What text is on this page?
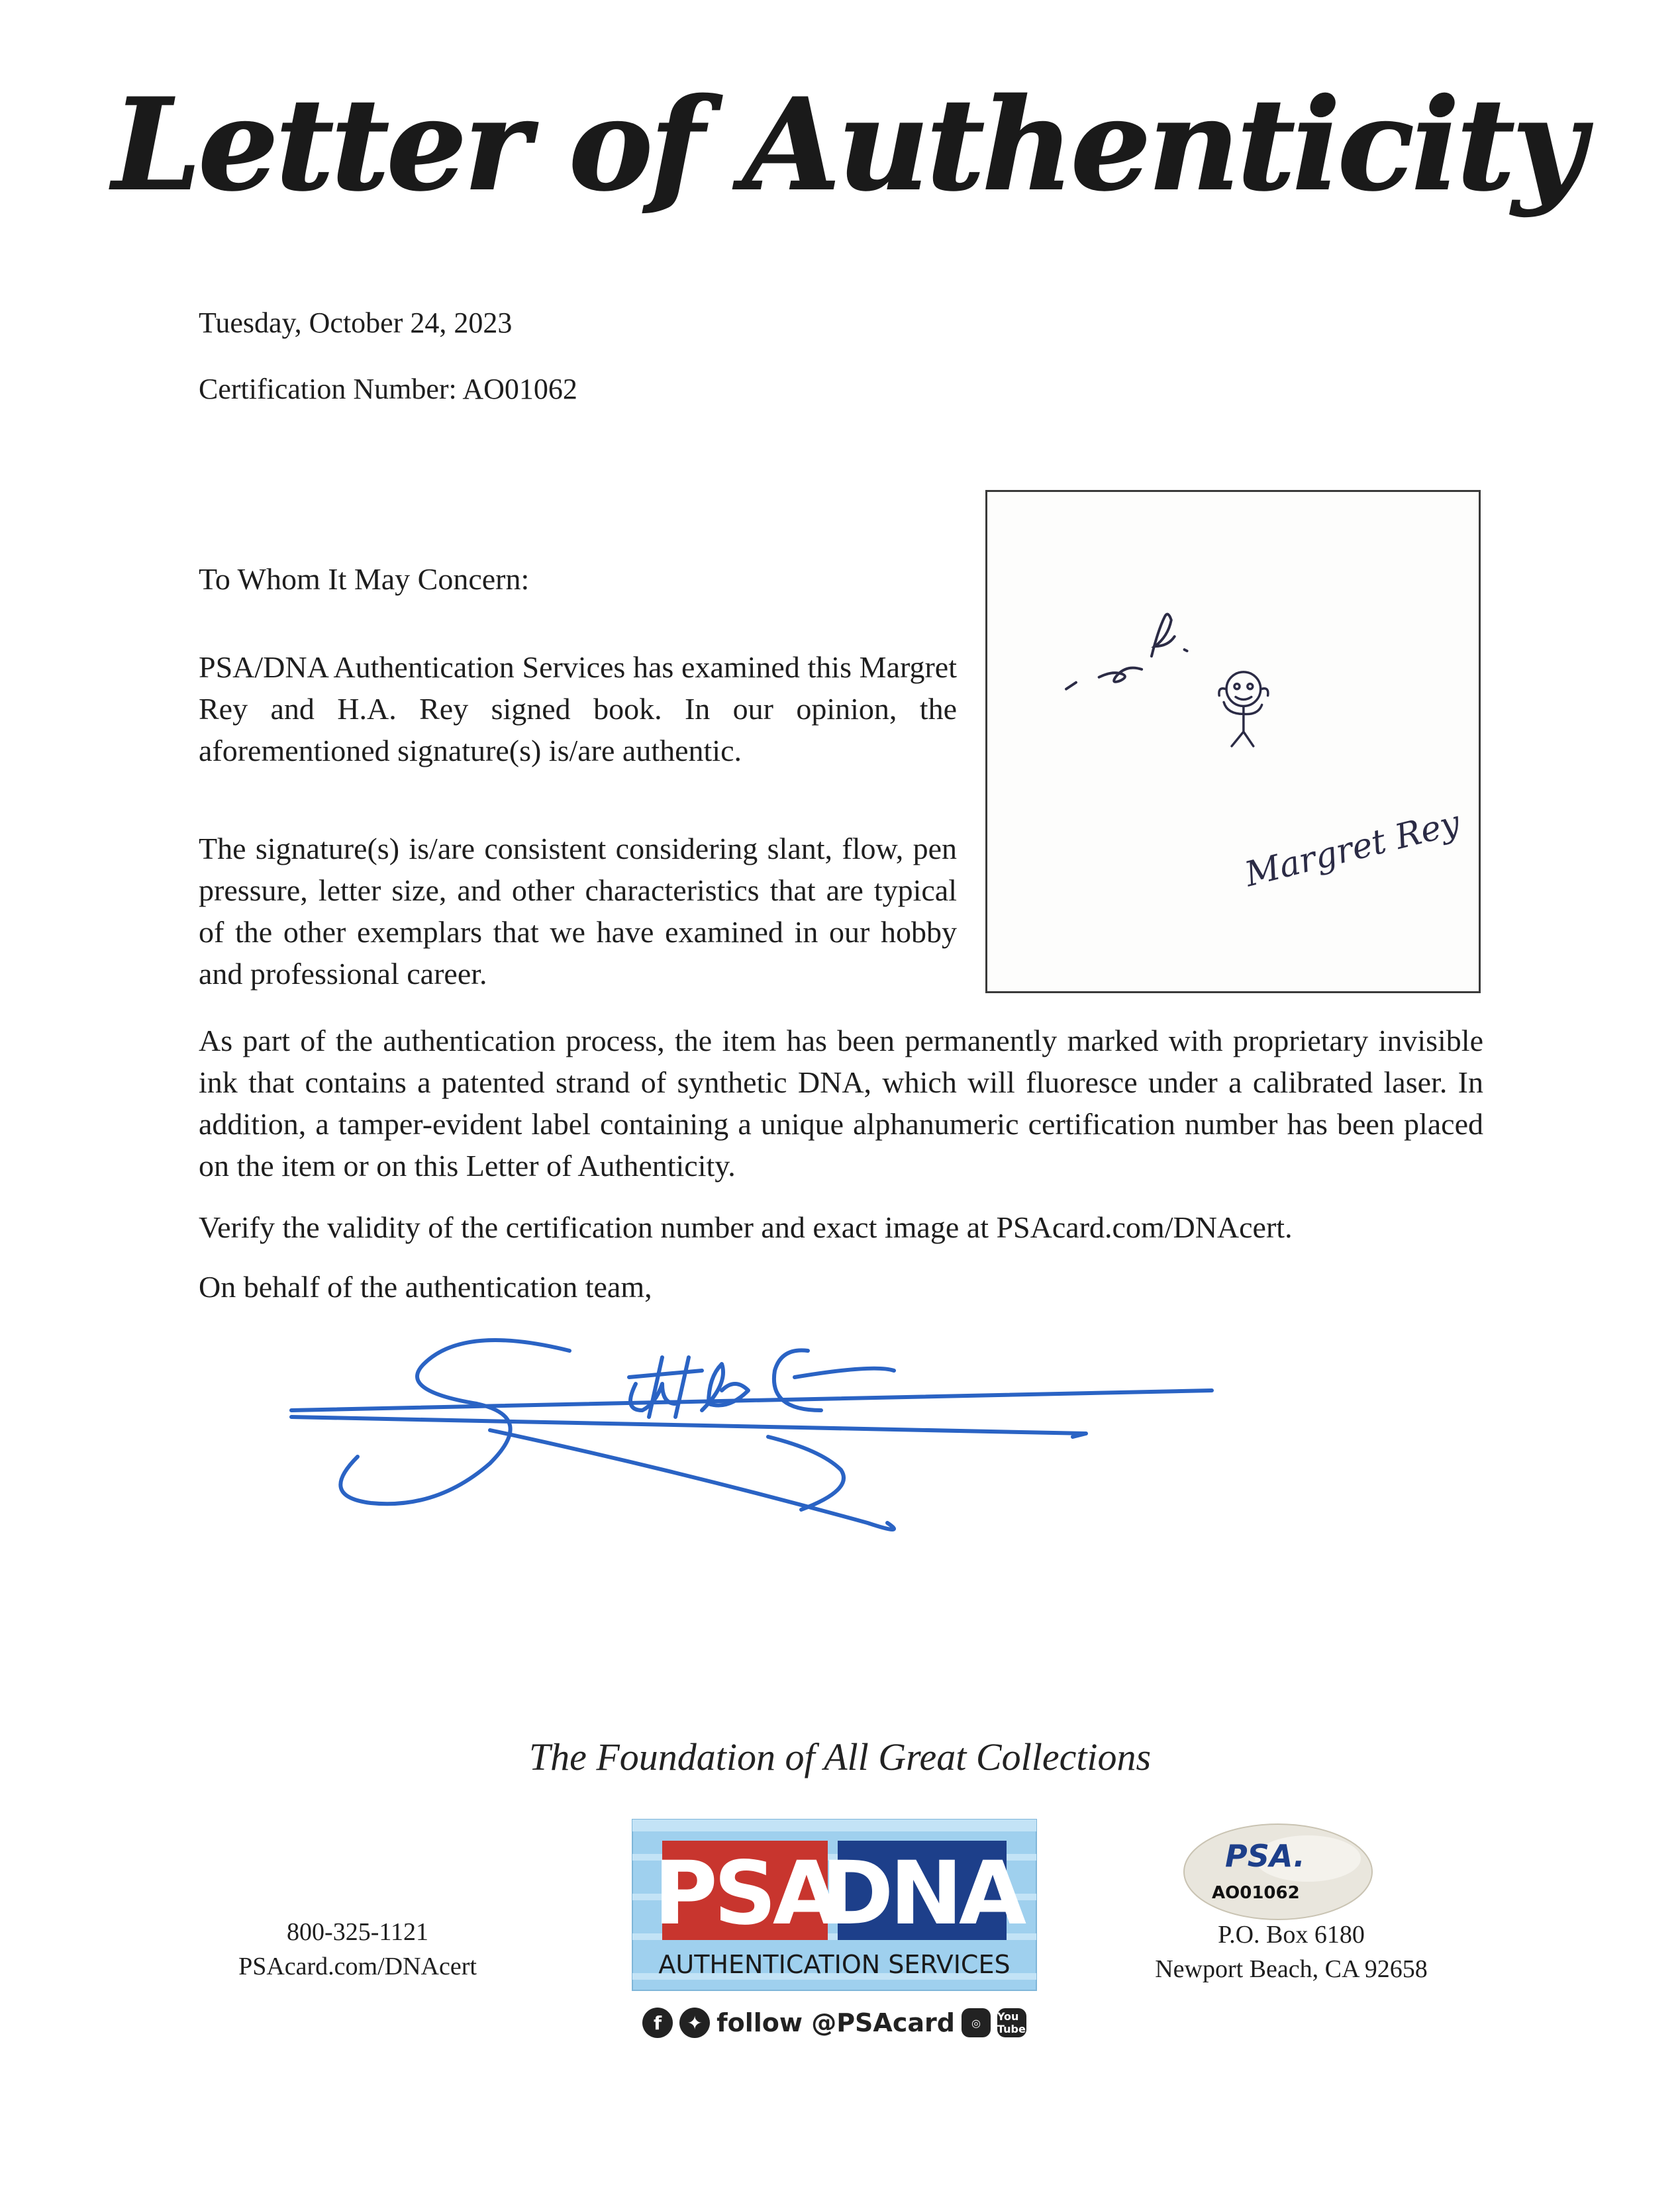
Letter of Authenticity
Tuesday, October 24, 2023
Certification Number: AO01062
Margret Rey
To Whom It May Concern:
PSA/DNA Authentication Services has examined this Margret Rey and H.A. Rey signed book. In our opinion, the aforementioned signature(s) is/are authentic.
The signature(s) is/are consistent considering slant, flow, pen pressure, letter size, and other characteristics that are typical of the other exemplars that we have examined in our hobby and professional career.
As part of the authentication process, the item has been permanently marked with proprietary invisible ink that contains a patented strand of synthetic DNA, which will fluoresce under a calibrated laser. In addition, a tamper-evident label containing a unique alphanumeric certification number has been placed on the item or on this Letter of Authenticity.
Verify the validity of the certification number and exact image at PSAcard.com/DNAcert.
On behalf of the authentication team,
The Foundation of All Great Collections
800-325-1121
PSAcard.com/DNAcert
PSA
DNA
AUTHENTICATION SERVICES
f	✦ follow @PSAcard	◎	You Tube
PSA.
AO01062
P.O. Box 6180
Newport Beach, CA 92658
